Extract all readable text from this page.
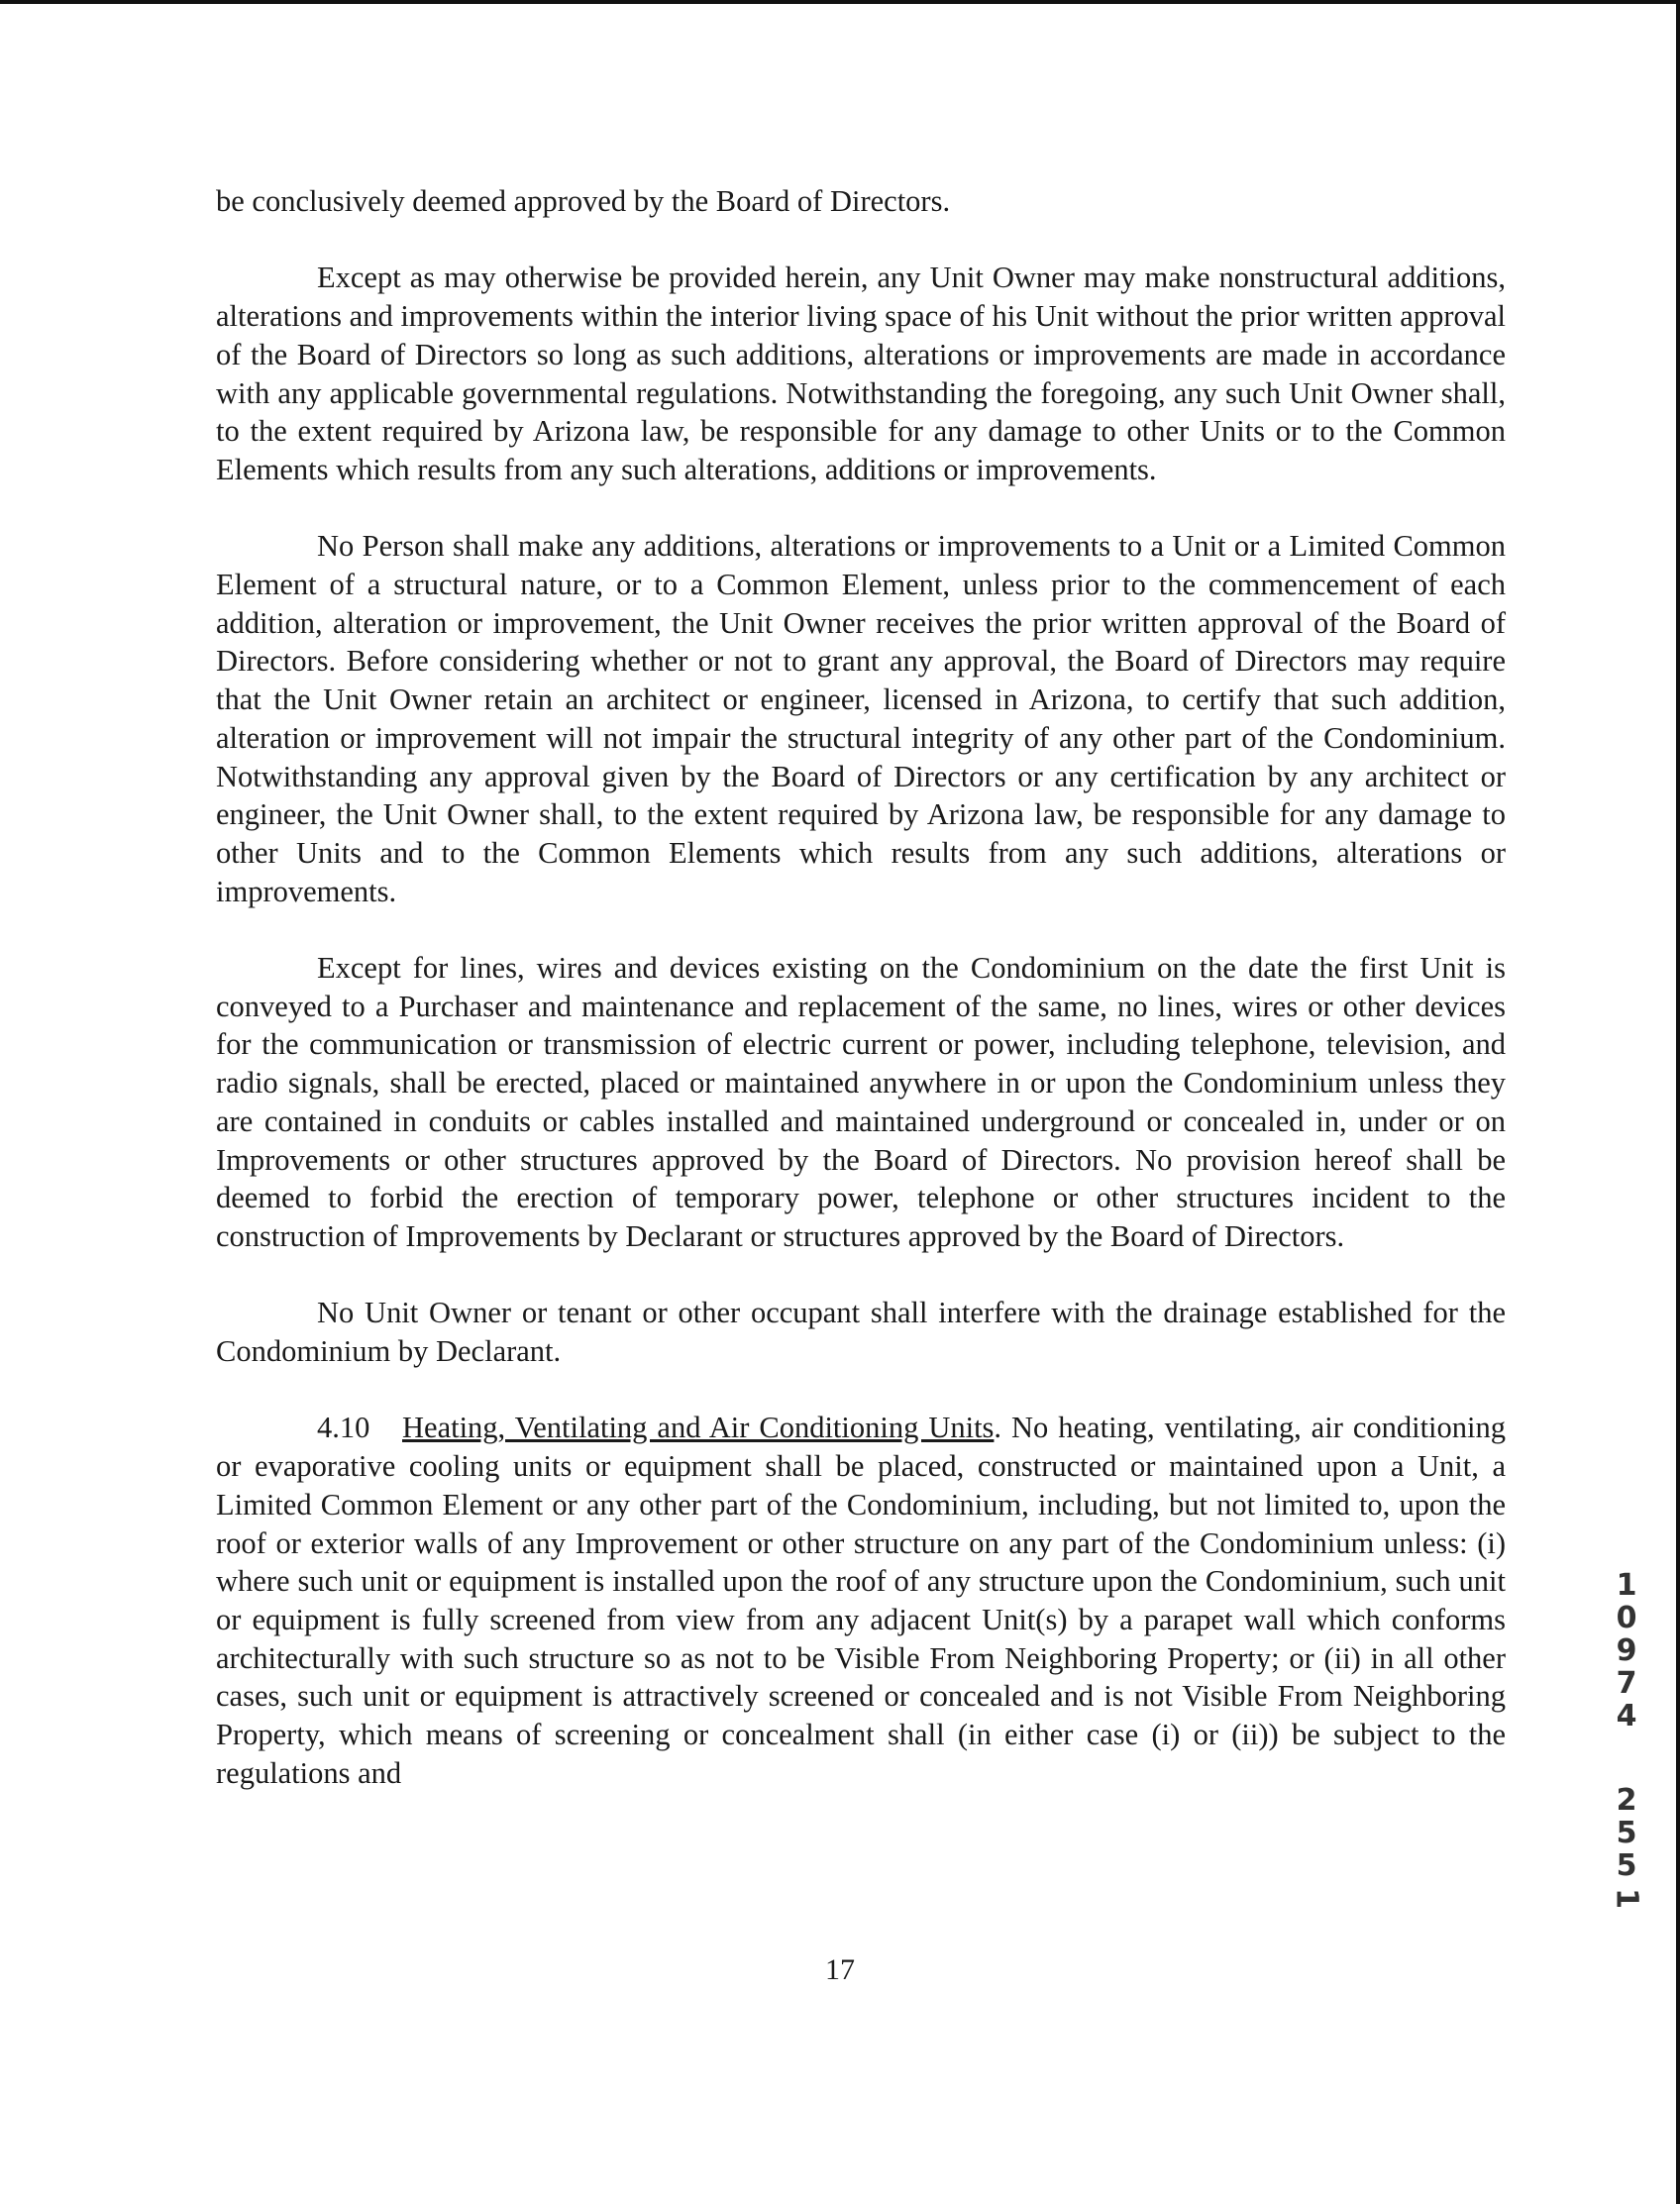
be conclusively deemed approved by the Board of Directors.

Except as may otherwise be provided herein, any Unit Owner may make nonstructural additions, alterations and improvements within the interior living space of his Unit without the prior written approval of the Board of Directors so long as such additions, alterations or improvements are made in accordance with any applicable governmental regulations. Notwithstanding the foregoing, any such Unit Owner shall, to the extent required by Arizona law, be responsible for any damage to other Units or to the Common Elements which results from any such alterations, additions or improvements.

No Person shall make any additions, alterations or improvements to a Unit or a Limited Common Element of a structural nature, or to a Common Element, unless prior to the commencement of each addition, alteration or improvement, the Unit Owner receives the prior written approval of the Board of Directors. Before considering whether or not to grant any approval, the Board of Directors may require that the Unit Owner retain an architect or engineer, licensed in Arizona, to certify that such addition, alteration or improvement will not impair the structural integrity of any other part of the Condominium. Notwithstanding any approval given by the Board of Directors or any certification by any architect or engineer, the Unit Owner shall, to the extent required by Arizona law, be responsible for any damage to other Units and to the Common Elements which results from any such additions, alterations or improvements.

Except for lines, wires and devices existing on the Condominium on the date the first Unit is conveyed to a Purchaser and maintenance and replacement of the same, no lines, wires or other devices for the communication or transmission of electric current or power, including telephone, television, and radio signals, shall be erected, placed or maintained anywhere in or upon the Condominium unless they are contained in conduits or cables installed and maintained underground or concealed in, under or on Improvements or other structures approved by the Board of Directors. No provision hereof shall be deemed to forbid the erection of temporary power, telephone or other structures incident to the construction of Improvements by Declarant or structures approved by the Board of Directors.

No Unit Owner or tenant or other occupant shall interfere with the drainage established for the Condominium by Declarant.

4.10 Heating, Ventilating and Air Conditioning Units. No heating, ventilating, air conditioning or evaporative cooling units or equipment shall be placed, constructed or maintained upon a Unit, a Limited Common Element or any other part of the Condominium, including, but not limited to, upon the roof or exterior walls of any Improvement or other structure on any part of the Condominium unless: (i) where such unit or equipment is installed upon the roof of any structure upon the Condominium, such unit or equipment is fully screened from view from any adjacent Unit(s) by a parapet wall which conforms architecturally with such structure so as not to be Visible From Neighboring Property; or (ii) in all other cases, such unit or equipment is attractively screened or concealed and is not Visible From Neighboring Property, which means of screening or concealment shall (in either case (i) or (ii)) be subject to the regulations and

17
1
0
9
7
4
2
5
5
1
